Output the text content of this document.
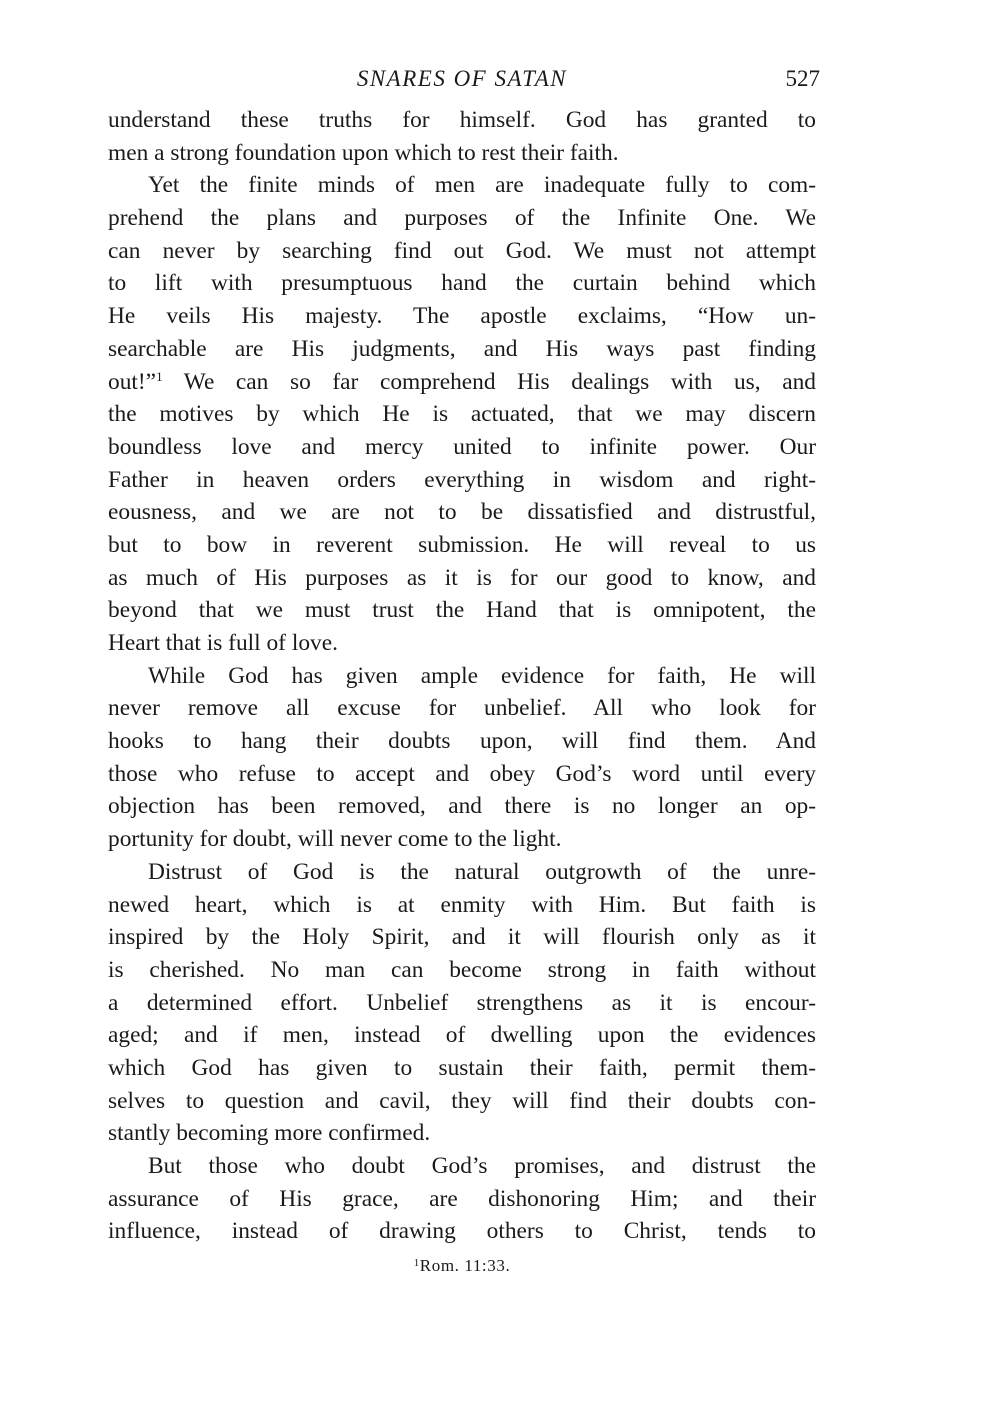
SNARES OF SATAN	527
understand these truths for himself. God has granted to
men a strong foundation upon which to rest their faith.
Yet the finite minds of men are inadequate fully to com-
prehend the plans and purposes of the Infinite One. We
can never by searching find out God. We must not attempt
to lift with presumptuous hand the curtain behind which
He veils His majesty. The apostle exclaims, “How un-
searchable are His judgments, and His ways past finding
out!”$^1$ We can so far comprehend His dealings with us, and
the motives by which He is actuated, that we may discern
boundless love and mercy united to infinite power. Our
Father in heaven orders everything in wisdom and right-
eousness, and we are not to be dissatisfied and distrustful,
but to bow in reverent submission. He will reveal to us
as much of His purposes as it is for our good to know, and
beyond that we must trust the Hand that is omnipotent, the
Heart that is full of love.
While God has given ample evidence for faith, He will
never remove all excuse for unbelief. All who look for
hooks to hang their doubts upon, will find them. And
those who refuse to accept and obey God’s word until every
objection has been removed, and there is no longer an op-
portunity for doubt, will never come to the light.
Distrust of God is the natural outgrowth of the unre-
newed heart, which is at enmity with Him. But faith is
inspired by the Holy Spirit, and it will flourish only as it
is cherished. No man can become strong in faith without
a determined effort. Unbelief strengthens as it is encour-
aged; and if men, instead of dwelling upon the evidences
which God has given to sustain their faith, permit them-
selves to question and cavil, they will find their doubts con-
stantly becoming more confirmed.
But those who doubt God’s promises, and distrust the
assurance of His grace, are dishonoring Him; and their
influence, instead of drawing others to Christ, tends to
$^1$Rom. 11:33.
